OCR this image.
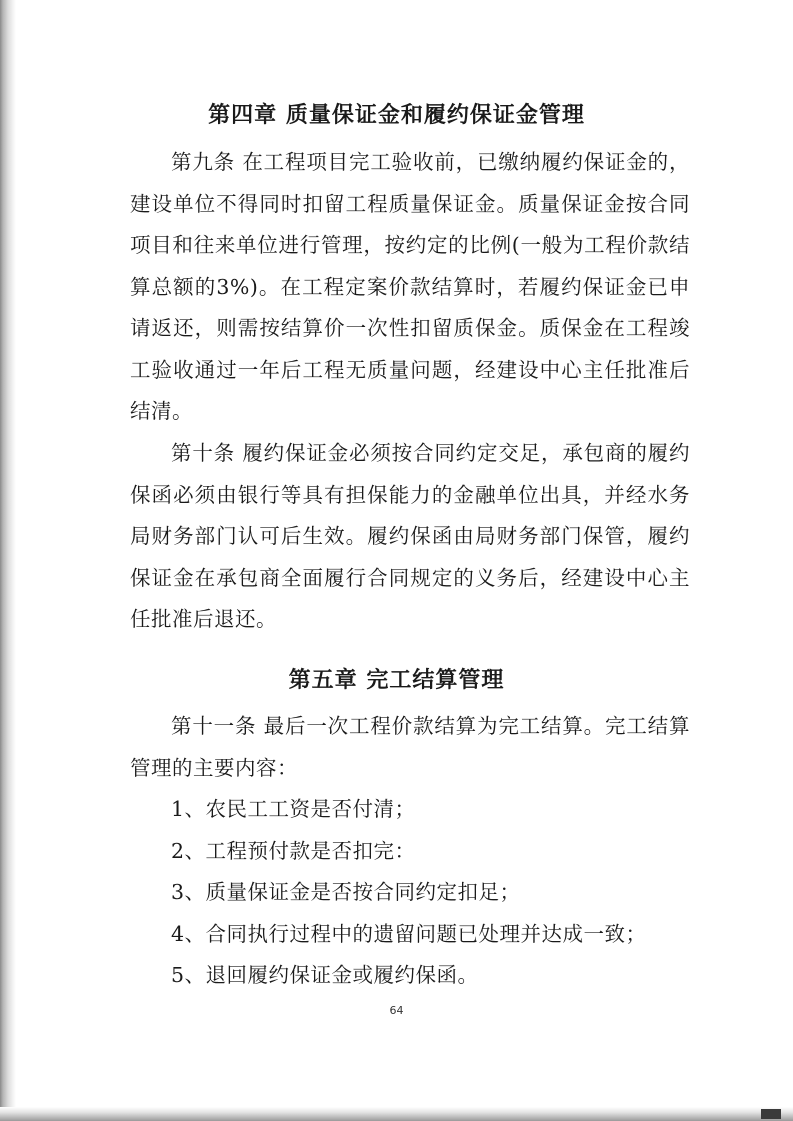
第四章 质量保证金和履约保证金管理

第九条 在工程项目完工验收前，已缴纳履约保证金的，建设单位不得同时扣留工程质量保证金。质量保证金按合同项目和往来单位进行管理，按约定的比例(一般为工程价款结算总额的3%)。在工程定案价款结算时，若履约保证金已申请返还，则需按结算价一次性扣留质保金。质保金在工程竣工验收通过一年后工程无质量问题，经建设中心主任批准后结清。

第十条 履约保证金必须按合同约定交足，承包商的履约保函必须由银行等具有担保能力的金融单位出具，并经水务局财务部门认可后生效。履约保函由局财务部门保管，履约保证金在承包商全面履行合同规定的义务后，经建设中心主任批准后退还。

第五章 完工结算管理

第十一条 最后一次工程价款结算为完工结算。完工结算管理的主要内容：

1、农民工工资是否付清；
2、工程预付款是否扣完：
3、质量保证金是否按合同约定扣足；
4、合同执行过程中的遗留问题已处理并达成一致；
5、退回履约保证金或履约保函。
64
